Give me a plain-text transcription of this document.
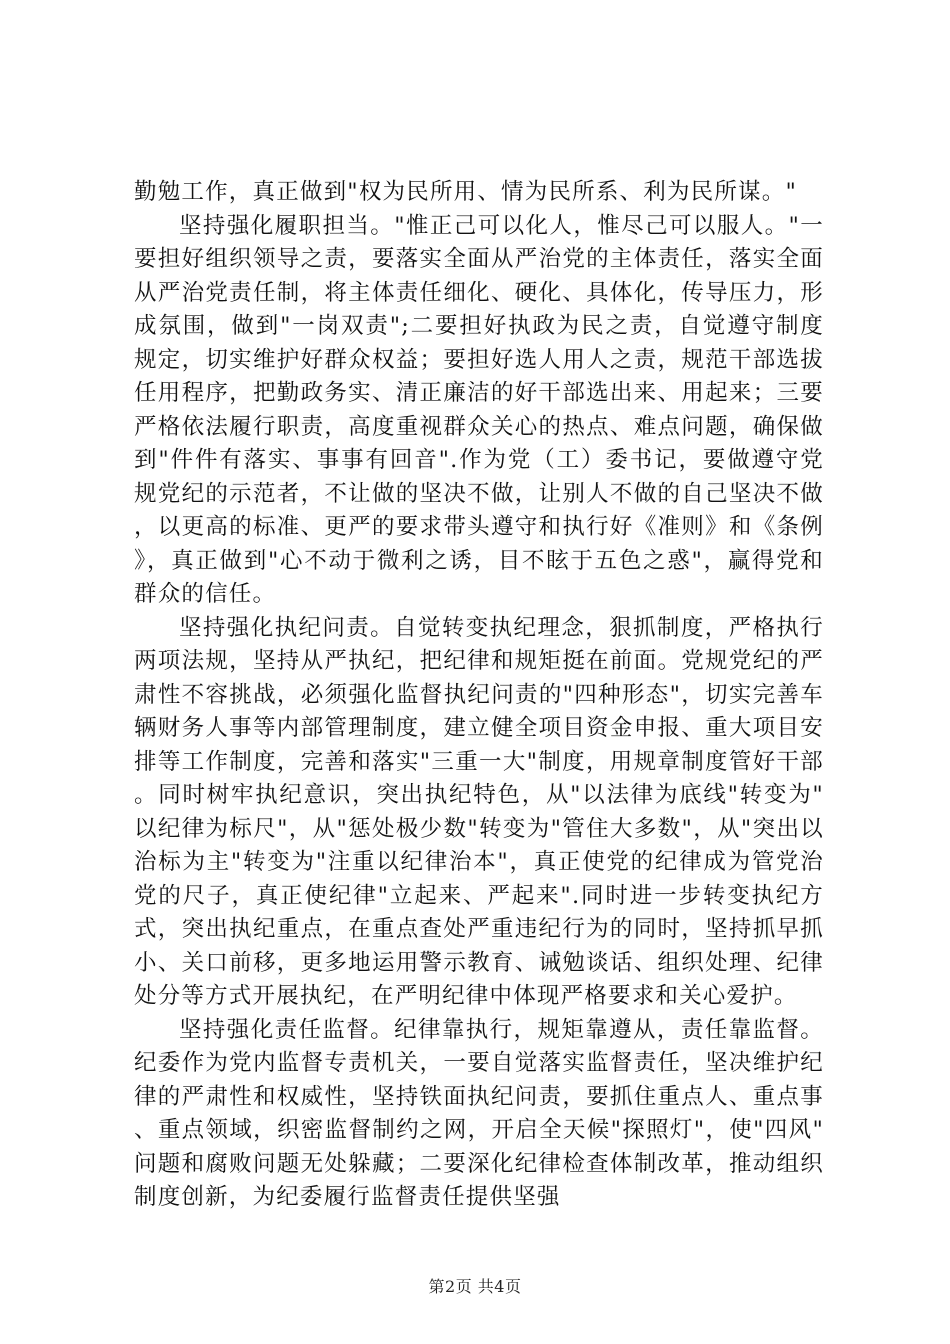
勤勉工作，真正做到"权为民所用、情为民所系、利为民所谋。"

坚持强化履职担当。"惟正己可以化人，惟尽己可以服人。"一要担好组织领导之责，要落实全面从严治党的主体责任，落实全面从严治党责任制，将主体责任细化、硬化、具体化，传导压力，形成氛围，做到"一岗双责";二要担好执政为民之责，自觉遵守制度规定，切实维护好群众权益；要担好选人用人之责，规范干部选拔任用程序，把勤政务实、清正廉洁的好干部选出来、用起来；三要严格依法履行职责，高度重视群众关心的热点、难点问题，确保做到"件件有落实、事事有回音".作为党（工）委书记，要做遵守党规党纪的示范者，不让做的坚决不做，让别人不做的自己坚决不做，以更高的标准、更严的要求带头遵守和执行好《准则》和《条例》，真正做到"心不动于微利之诱，目不眩于五色之惑"，赢得党和群众的信任。

坚持强化执纪问责。自觉转变执纪理念，狠抓制度，严格执行两项法规，坚持从严执纪，把纪律和规矩挺在前面。党规党纪的严肃性不容挑战，必须强化监督执纪问责的"四种形态"，切实完善车辆财务人事等内部管理制度，建立健全项目资金申报、重大项目安排等工作制度，完善和落实"三重一大"制度，用规章制度管好干部。同时树牢执纪意识，突出执纪特色，从"以法律为底线"转变为"以纪律为标尺"，从"惩处极少数"转变为"管住大多数"，从"突出以治标为主"转变为"注重以纪律治本"，真正使党的纪律成为管党治党的尺子，真正使纪律"立起来、严起来".同时进一步转变执纪方式，突出执纪重点，在重点查处严重违纪行为的同时，坚持抓早抓小、关口前移，更多地运用警示教育、诫勉谈话、组织处理、纪律处分等方式开展执纪，在严明纪律中体现严格要求和关心爱护。

坚持强化责任监督。纪律靠执行，规矩靠遵从，责任靠监督。纪委作为党内监督专责机关，一要自觉落实监督责任，坚决维护纪律的严肃性和权威性，坚持铁面执纪问责，要抓住重点人、重点事、重点领域，织密监督制约之网，开启全天候"探照灯"，使"四风"问题和腐败问题无处躲藏；二要深化纪律检查体制改革，推动组织制度创新，为纪委履行监督责任提供坚强

第2页 共4页
